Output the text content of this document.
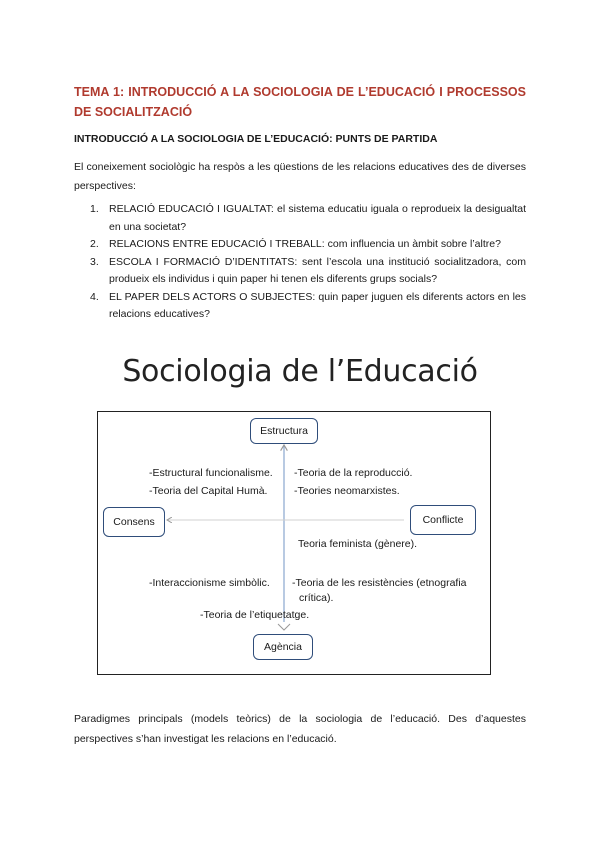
TEMA 1: INTRODUCCIÓ A LA SOCIOLOGIA DE L’EDUCACIÓ I PROCESSOS DE SOCIALITZACIÓ
INTRODUCCIÓ A LA SOCIOLOGIA DE L’EDUCACIÓ: PUNTS DE PARTIDA
El coneixement sociològic ha respòs a les qüestions de les relacions educatives des de diverses perspectives:
1. RELACIÓ EDUCACIÓ I IGUALTAT: el sistema educatiu iguala o reprodueix la desigualtat en una societat?
2. RELACIONS ENTRE EDUCACIÓ I TREBALL: com influencia un àmbit sobre l’altre?
3. ESCOLA I FORMACIÓ D’IDENTITATS: sent l’escola una institució socialitzadora, com produeix els individus i quin paper hi tenen els diferents grups socials?
4. EL PAPER DELS ACTORS O SUBJECTES: quin paper juguen els diferents actors en les relacions educatives?
Sociologia de l’Educació
Estructura
Agència
Consens	Conflicte
-Estructural funcionalisme.
-Teoria del Capital Humà.
-Teoria de la reproducció.
-Teories neomarxistes.
Teoria feminista (gènere).
-Interaccionisme simbòlic. -Teoria de les resistències (etnografia
crítica).
-Teoria de l’etiquetatge.
Paradigmes principals (models teòrics) de la sociologia de l’educació. Des d’aquestes perspectives s’han investigat les relacions en l’educació.
